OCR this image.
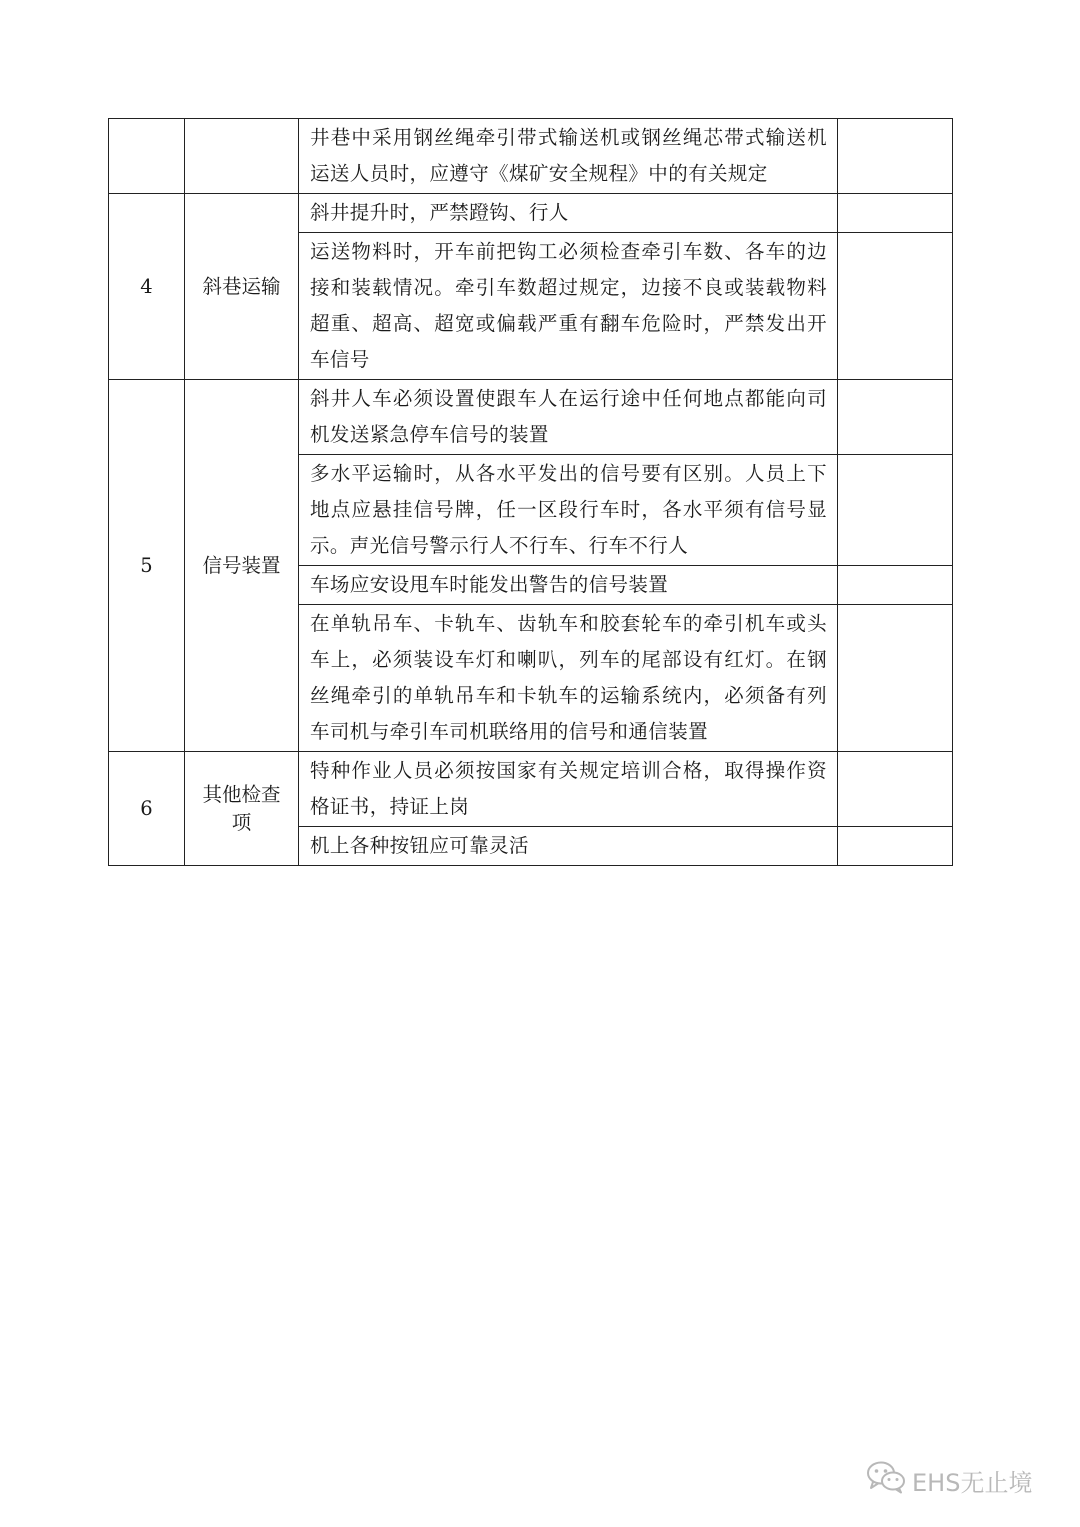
		井巷中采用钢丝绳牵引带式输送机或钢丝绳芯带式输送机运送人员时，应遵守《煤矿安全规程》中的有关规定	
4	斜巷运输	斜井提升时，严禁蹬钩、行人	
		运送物料时，开车前把钩工必须检查牵引车数、各车的边接和装载情况。牵引车数超过规定，边接不良或装载物料超重、超高、超宽或偏载严重有翻车危险时，严禁发出开车信号	
5	信号装置	斜井人车必须设置使跟车人在运行途中任何地点都能向司机发送紧急停车信号的装置	
		多水平运输时，从各水平发出的信号要有区别。人员上下地点应悬挂信号牌，任一区段行车时，各水平须有信号显示。声光信号警示行人不行车、行车不行人	
		车场应安设甩车时能发出警告的信号装置	
		在单轨吊车、卡轨车、齿轨车和胶套轮车的牵引机车或头车上，必须装设车灯和喇叭，列车的尾部设有红灯。在钢丝绳牵引的单轨吊车和卡轨车的运输系统内，必须备有列车司机与牵引车司机联络用的信号和通信装置	
6	其他检查项	特种作业人员必须按国家有关规定培训合格，取得操作资格证书，持证上岗	
		机上各种按钮应可靠灵活	
EHS无止境
